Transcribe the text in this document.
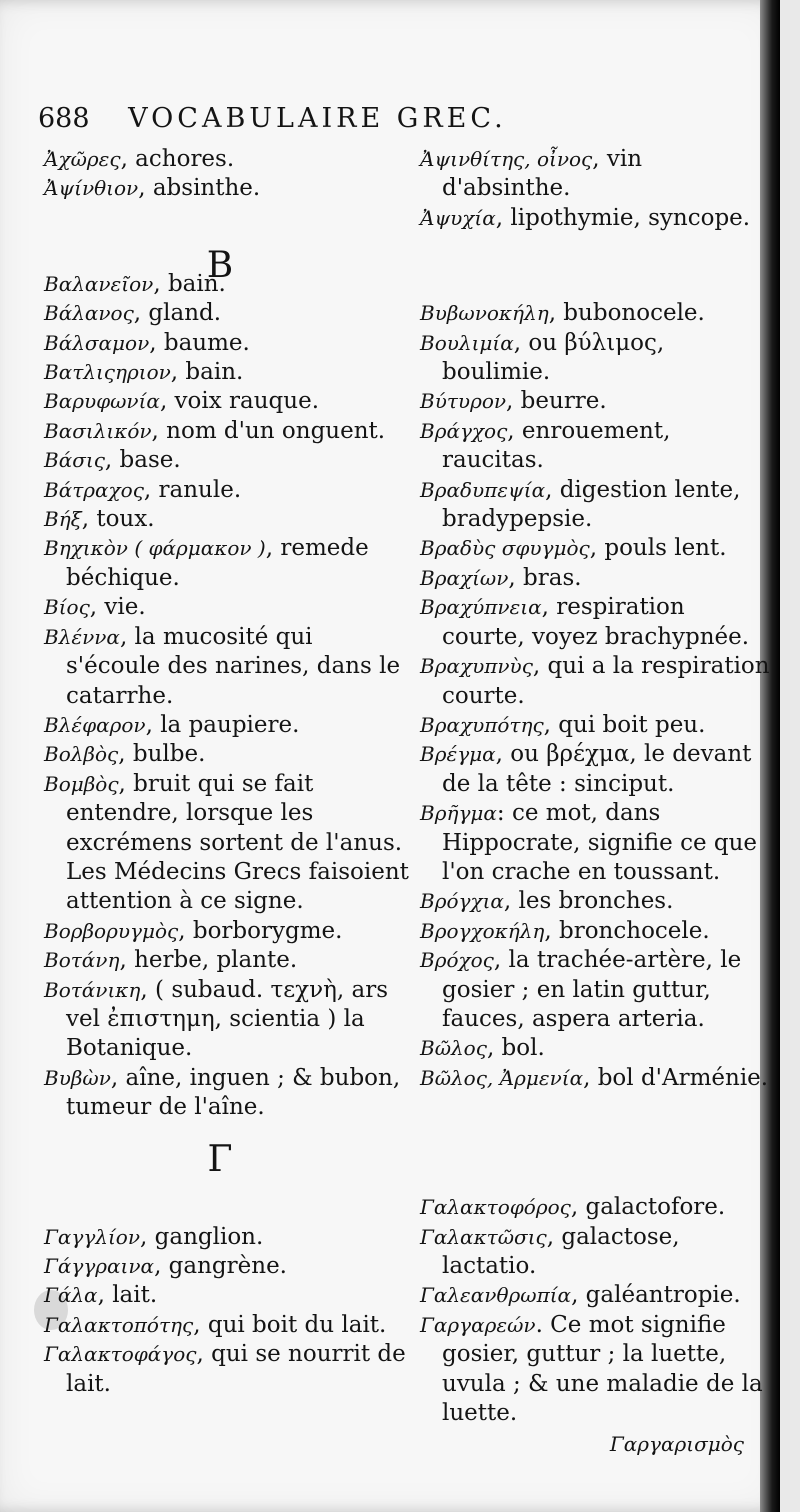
688 VOCABULAIRE GREC.

Ἀχῶρες, achores.

Ἀψίνθιον, absinthe.

Βαλανεῖον, bain.

Βάλανος, gland.

Βάλσαμον, baume.

Βατλιςηριον, bain.

Βαρυφωνία, voix rauque.

Βασιλικόν, nom d'un onguent.

Βάσις, base.

Βάτραχος, ranule.

Βήξ, toux.

Βηχικὸν ( φάρμακον ), remede béchique.

Βίος, vie.

Βλέννα, la mucosité qui s'écoule des narines, dans le catarrhe.

Βλέφαρον, la paupiere.

Βολβὸς, bulbe.

Βομβὸς, bruit qui se fait entendre, lorsque les excrémens sortent de l'anus. Les Médecins Grecs faisoient attention à ce signe.

Βορβορυγμὸς, borborygme.

Βοτάνη, herbe, plante.

Βοτάνικη, ( subaud. τεχνὴ, ars vel ἐπιστημη, scientia ) la Botanique.

Βυβὼν, aîne, inguen ; & bubon, tumeur de l'aîne.

Γαγγλίον, ganglion.

Γάγγραινα, gangrène.

Γάλα, lait.

Γαλακτοπότης, qui boit du lait.

Γαλακτοφάγος, qui se nourrit de lait.

Ἀψινθίτης, οἶνος, vin d'absinthe.

Ἀψυχία, lipothymie, syncope.

B

Βυβωνοκήλη, bubonocele.

Βουλιμία, ou βύλιμος, boulimie.

Βύτυρον, beurre.

Βράγχος, enrouement, raucitas.

Βραδυπεψία, digestion lente, bradypepsie.

Βραδὺς σφυγμὸς, pouls lent.

Βραχίων, bras.

Βραχύπνεια, respiration courte, voyez brachypnée.

Βραχυπνὺς, qui a la respiration courte.

Βραχυπότης, qui boit peu.

Βρέγμα, ou βρέχμα, le devant de la tête : sinciput.

Βρῆγμα: ce mot, dans Hippocrate, signifie ce que l'on crache en toussant.

Βρόγχια, les bronches.

Βρογχοκήλη, bronchocele.

Βρόχος, la trachée-artère, le gosier ; en latin guttur, fauces, aspera arteria.

Βῶλος, bol.

Βῶλος, Ἀρμενία, bol d'Arménie.

Γ

Γαλακτοφόρος, galactofore.

Γαλακτῶσις, galactose, lactatio.

Γαλεανθρωπία, galéantropie.

Γαργαρεών. Ce mot signifie gosier, guttur ; la luette, uvula ; & une maladie de la luette.

Γαργαρισμὸς
